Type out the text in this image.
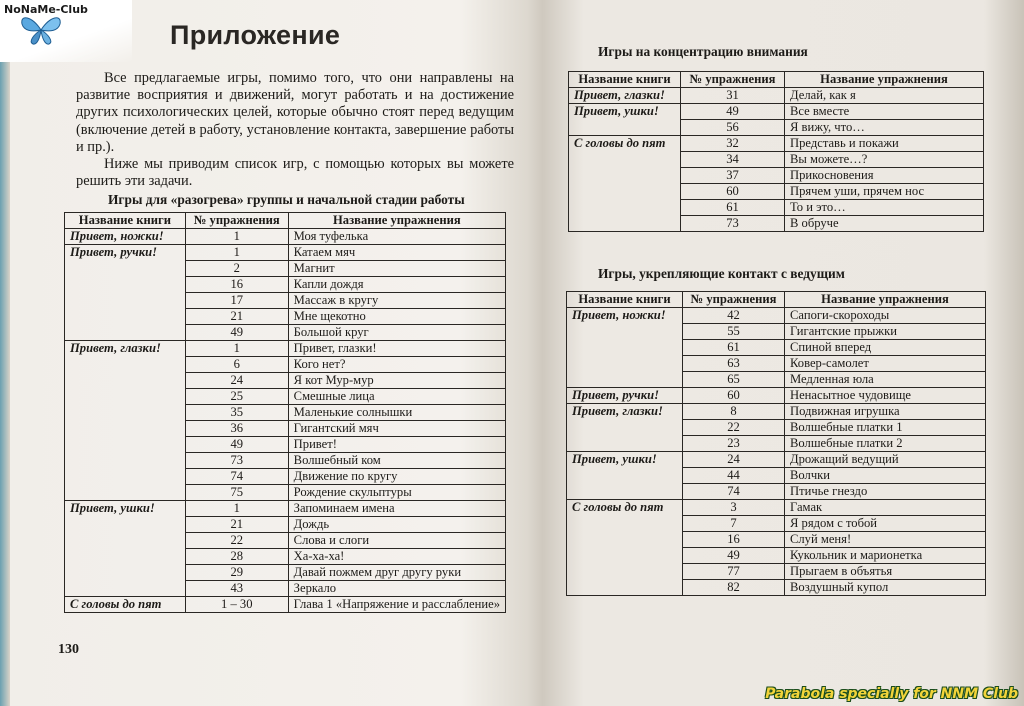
Приложение

Все предлагаемые игры, помимо того, что они направлены на развитие восприятия и движений, могут работать и на достижение других психологических целей, которые обычно стоят перед ведущим (включение детей в работу, установление контакта, завершение работы и пр.).

Ниже мы приводим список игр, с помощью которых вы можете решить эти задачи.

Игры для «разогрева» группы и начальной стадии работы
Название книги	№ упражнения	Название упражнения
Привет, ножки!	1	Моя туфелька
Привет, ручки!	1	Катаем мяч
	2	Магнит
	16	Капли дождя
	17	Массаж в кругу
	21	Мне щекотно
	49	Большой круг
Привет, глазки!	1	Привет, глазки!
	6	Кого нет?
	24	Я кот Мур-мур
	25	Смешные лица
	35	Маленькие солнышки
	36	Гигантский мяч
	49	Привет!
	73	Волшебный ком
	74	Движение по кругу
	75	Рождение скульптуры
Привет, ушки!	1	Запоминаем имена
	21	Дождь
	22	Слова и слоги
	28	Ха-ха-ха!
	29	Давай пожмем друг другу руки
	43	Зеркало
С головы до пят	1 – 30	Глава 1 «Напряжение и расслабление»
130
Игры на концентрацию внимания
Название книги	№ упражнения	Название упражнения
Привет, глазки!	31	Делай, как я
Привет, ушки!	49	Все вместе
	56	Я вижу, что…
С головы до пят	32	Представь и покажи
	34	Вы можете…?
	37	Прикосновения
	60	Прячем уши, прячем нос
	61	То и это…
	73	В обруче
Игры, укрепляющие контакт с ведущим
Название книги	№ упражнения	Название упражнения
Привет, ножки!	42	Сапоги-скороходы
	55	Гигантские прыжки
	61	Спиной вперед
	63	Ковер-самолет
	65	Медленная юла
Привет, ручки!	60	Ненасытное чудовище
Привет, глазки!	8	Подвижная игрушка
	22	Волшебные платки 1
	23	Волшебные платки 2
Привет, ушки!	24	Дрожащий ведущий
	44	Волчки
	74	Птичье гнездо
С головы до пят	3	Гамак
	7	Я рядом с тобой
	16	Слуй меня!
	49	Кукольник и марионетка
	77	Прыгаем в объятья
	82	Воздушный купол
NoNaMe-Club
Parabola specially for NNM Club
